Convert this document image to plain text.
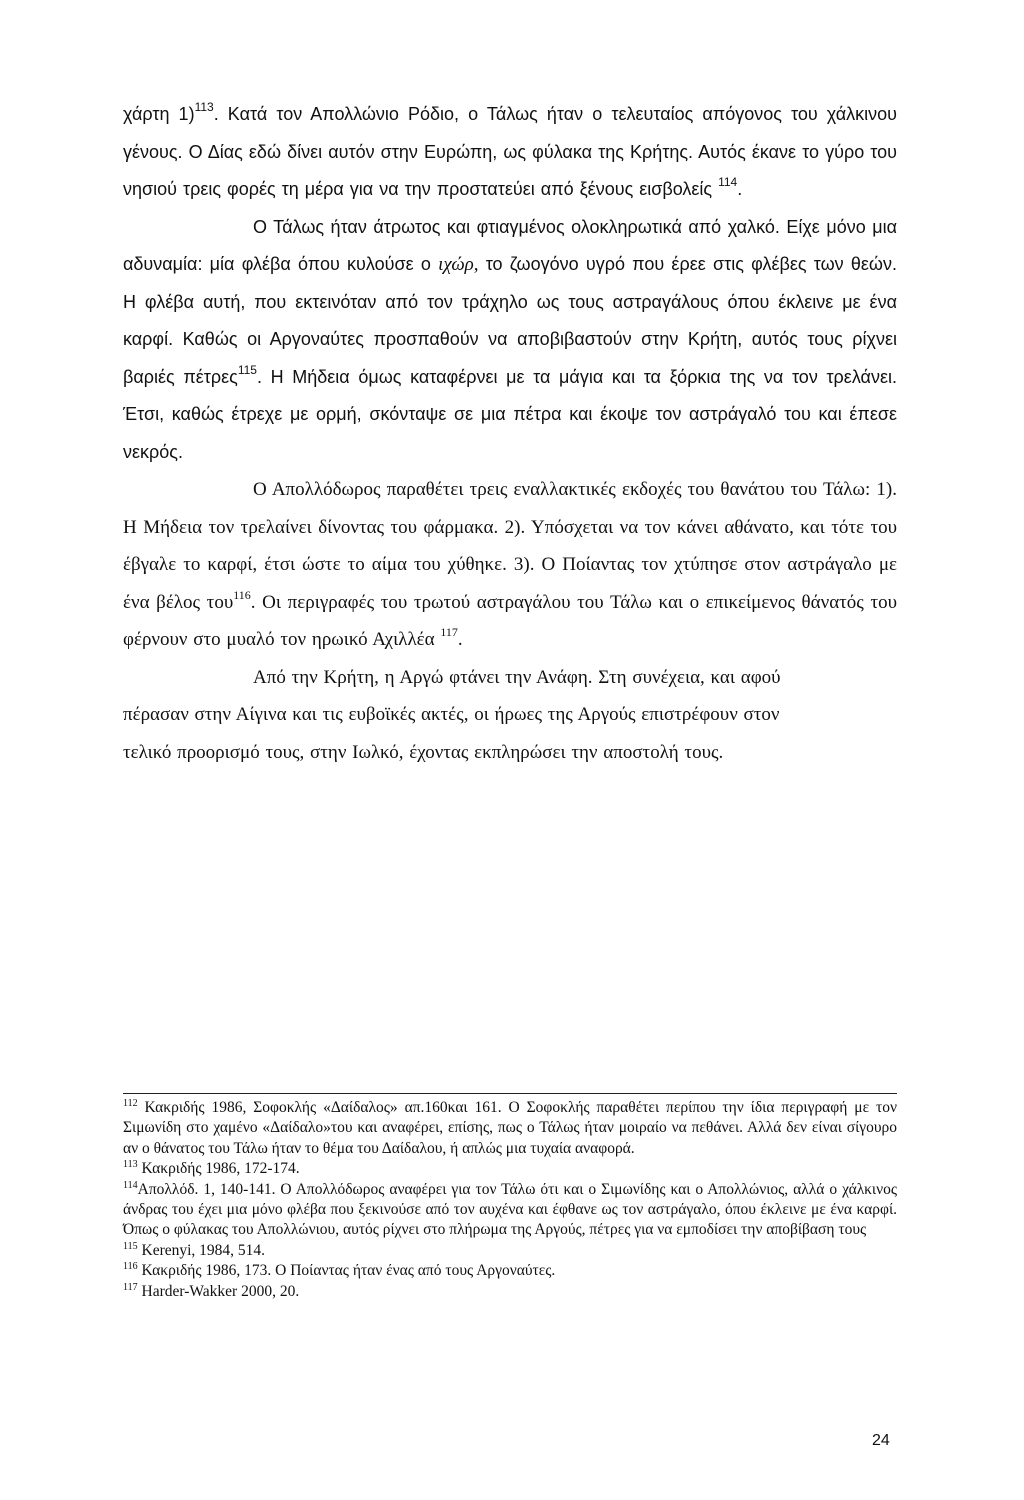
χάρτη 1)$^{113}$. Κατά τον Απολλώνιο Ρόδιο, ο Τάλως ήταν ο τελευταίος απόγονος του χάλκινου γένους. Ο Δίας εδώ δίνει αυτόν στην Ευρώπη, ως φύλακα της Κρήτης. Αυτός έκανε το γύρο του νησιού τρεις φορές τη μέρα για να την προστατεύει από ξένους εισβολείς $^{114}$.

Ο Τάλως ήταν άτρωτος και φτιαγμένος ολοκληρωτικά από χαλκό. Είχε μόνο μια αδυναμία: μία φλέβα όπου κυλούσε ο ιχώρ, το ζωογόνο υγρό που έρεε στις φλέβες των θεών. Η φλέβα αυτή, που εκτεινόταν από τον τράχηλο ως τους αστραγάλους όπου έκλεινε με ένα καρφί. Καθώς οι Αργοναύτες προσπαθούν να αποβιβαστούν στην Κρήτη, αυτός τους ρίχνει βαριές πέτρες$^{115}$. Η Μήδεια όμως καταφέρνει με τα μάγια και τα ξόρκια της να τον τρελάνει. Έτσι, καθώς έτρεχε με ορμή, σκόνταψε σε μια πέτρα και έκοψε τον αστράγαλό του και έπεσε νεκρός.

Ο Απολλόδωρος παραθέτει τρεις εναλλακτικές εκδοχές του θανάτου του Τάλω: 1). Η Μήδεια τον τρελαίνει δίνοντας του φάρμακα. 2). Υπόσχεται να τον κάνει αθάνατο, και τότε του έβγαλε το καρφί, έτσι ώστε το αίμα του χύθηκε. 3). Ο Ποίαντας τον χτύπησε στον αστράγαλο με ένα βέλος του$^{116}$. Οι περιγραφές του τρωτού αστραγάλου του Τάλω και ο επικείμενος θάνατός του φέρνουν στο μυαλό τον ηρωικό Αχιλλέα $^{117}$.

Από την Κρήτη, η Αργώ φτάνει την Ανάφη. Στη συνέχεια, και αφού
πέρασαν στην Αίγινα και τις ευβοϊκές ακτές, οι ήρωες της Αργούς επιστρέφουν στον
τελικό προορισμό τους, στην Ιωλκό, έχοντας εκπληρώσει την αποστολή τους.

$^{112}$ Κακριδής 1986, Σοφοκλής «Δαίδαλος» απ.160και 161. Ο Σοφοκλής παραθέτει περίπου την ίδια περιγραφή με τον Σιμωνίδη στο χαμένο «Δαίδαλο»του και αναφέρει, επίσης, πως ο Τάλως ήταν μοιραίο να πεθάνει. Αλλά δεν είναι σίγουρο αν ο θάνατος του Τάλω ήταν το θέμα του Δαίδαλου, ή απλώς μια τυχαία αναφορά.

$^{113}$ Κακριδής 1986, 172-174.

$^{114}$Απολλόδ. 1, 140-141. Ο Απολλόδωρος αναφέρει για τον Τάλω ότι και ο Σιμωνίδης και ο Απολλώνιος, αλλά ο χάλκινος άνδρας του έχει μια μόνο φλέβα που ξεκινούσε από τον αυχένα και έφθανε ως τον αστράγαλο, όπου έκλεινε με ένα καρφί. Όπως ο φύλακας του Απολλώνιου, αυτός ρίχνει στο πλήρωμα της Αργούς, πέτρες για να εμποδίσει την αποβίβαση τους

$^{115}$ Kerenyi, 1984, 514.

$^{116}$ Κακριδής 1986, 173. Ο Ποίαντας ήταν ένας από τους Αργοναύτες.

$^{117}$ Harder-Wakker 2000, 20.

24
